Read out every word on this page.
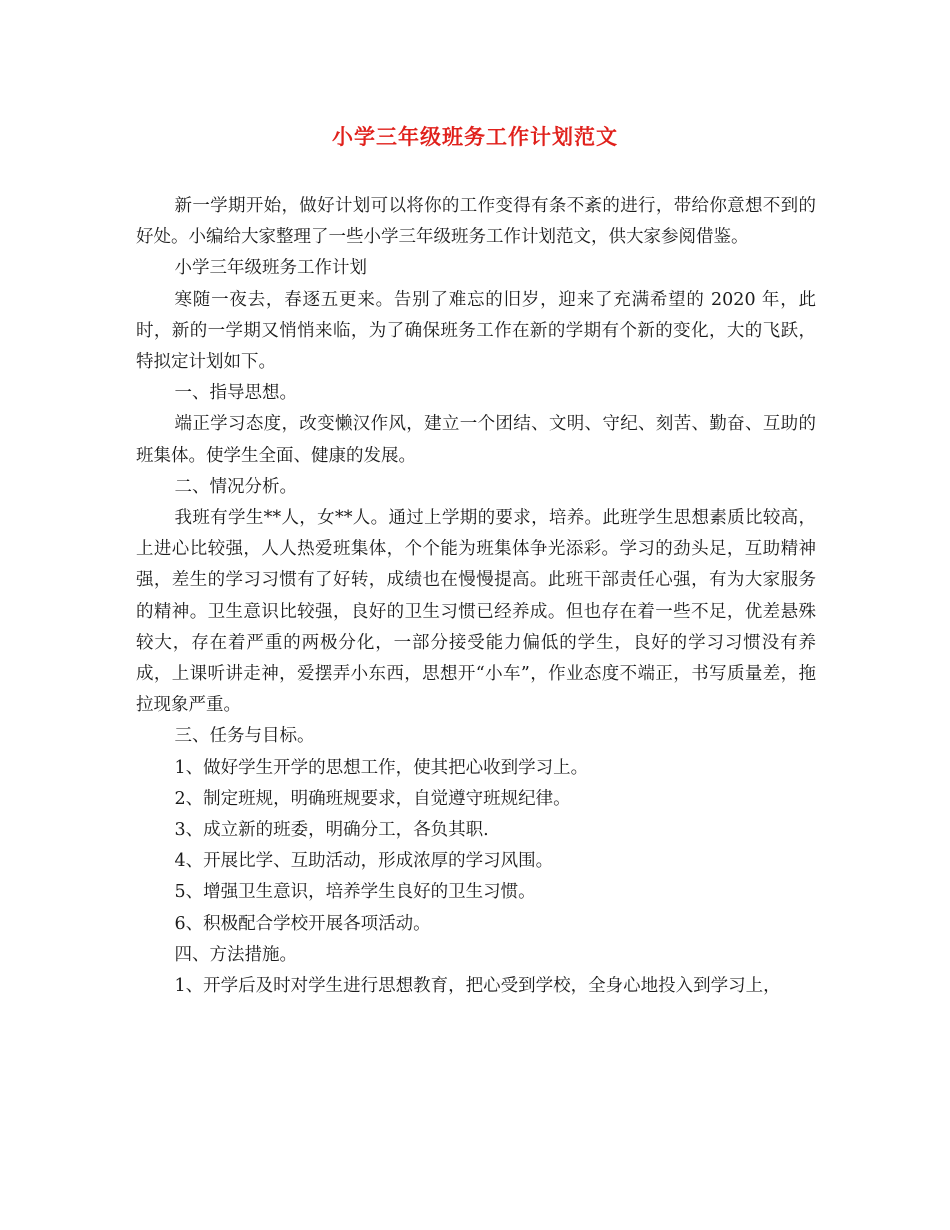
小学三年级班务工作计划范文

新一学期开始，做好计划可以将你的工作变得有条不紊的进行，带给你意想不到的好处。小编给大家整理了一些小学三年级班务工作计划范文，供大家参阅借鉴。

小学三年级班务工作计划

寒随一夜去，春逐五更来。告别了难忘的旧岁，迎来了充满希望的 2020 年，此时，新的一学期又悄悄来临，为了确保班务工作在新的学期有个新的变化，大的飞跃，特拟定计划如下。

一、指导思想。

端正学习态度，改变懒汉作风，建立一个团结、文明、守纪、刻苦、勤奋、互助的班集体。使学生全面、健康的发展。

二、情况分析。

我班有学生**人，女**人。通过上学期的要求，培养。此班学生思想素质比较高，上进心比较强，人人热爱班集体，个个能为班集体争光添彩。学习的劲头足，互助精神强，差生的学习习惯有了好转，成绩也在慢慢提高。此班干部责任心强，有为大家服务的精神。卫生意识比较强，良好的卫生习惯已经养成。但也存在着一些不足，优差悬殊较大，存在着严重的两极分化，一部分接受能力偏低的学生，良好的学习习惯没有养成，上课听讲走神，爱摆弄小东西，思想开“小车”，作业态度不端正，书写质量差，拖拉现象严重。

三、任务与目标。

1、做好学生开学的思想工作，使其把心收到学习上。

2、制定班规，明确班规要求，自觉遵守班规纪律。

3、成立新的班委，明确分工，各负其职.

4、开展比学、互助活动，形成浓厚的学习风围。

5、增强卫生意识，培养学生良好的卫生习惯。

6、积极配合学校开展各项活动。

四、方法措施。

1、开学后及时对学生进行思想教育，把心受到学校，全身心地投入到学习上，
